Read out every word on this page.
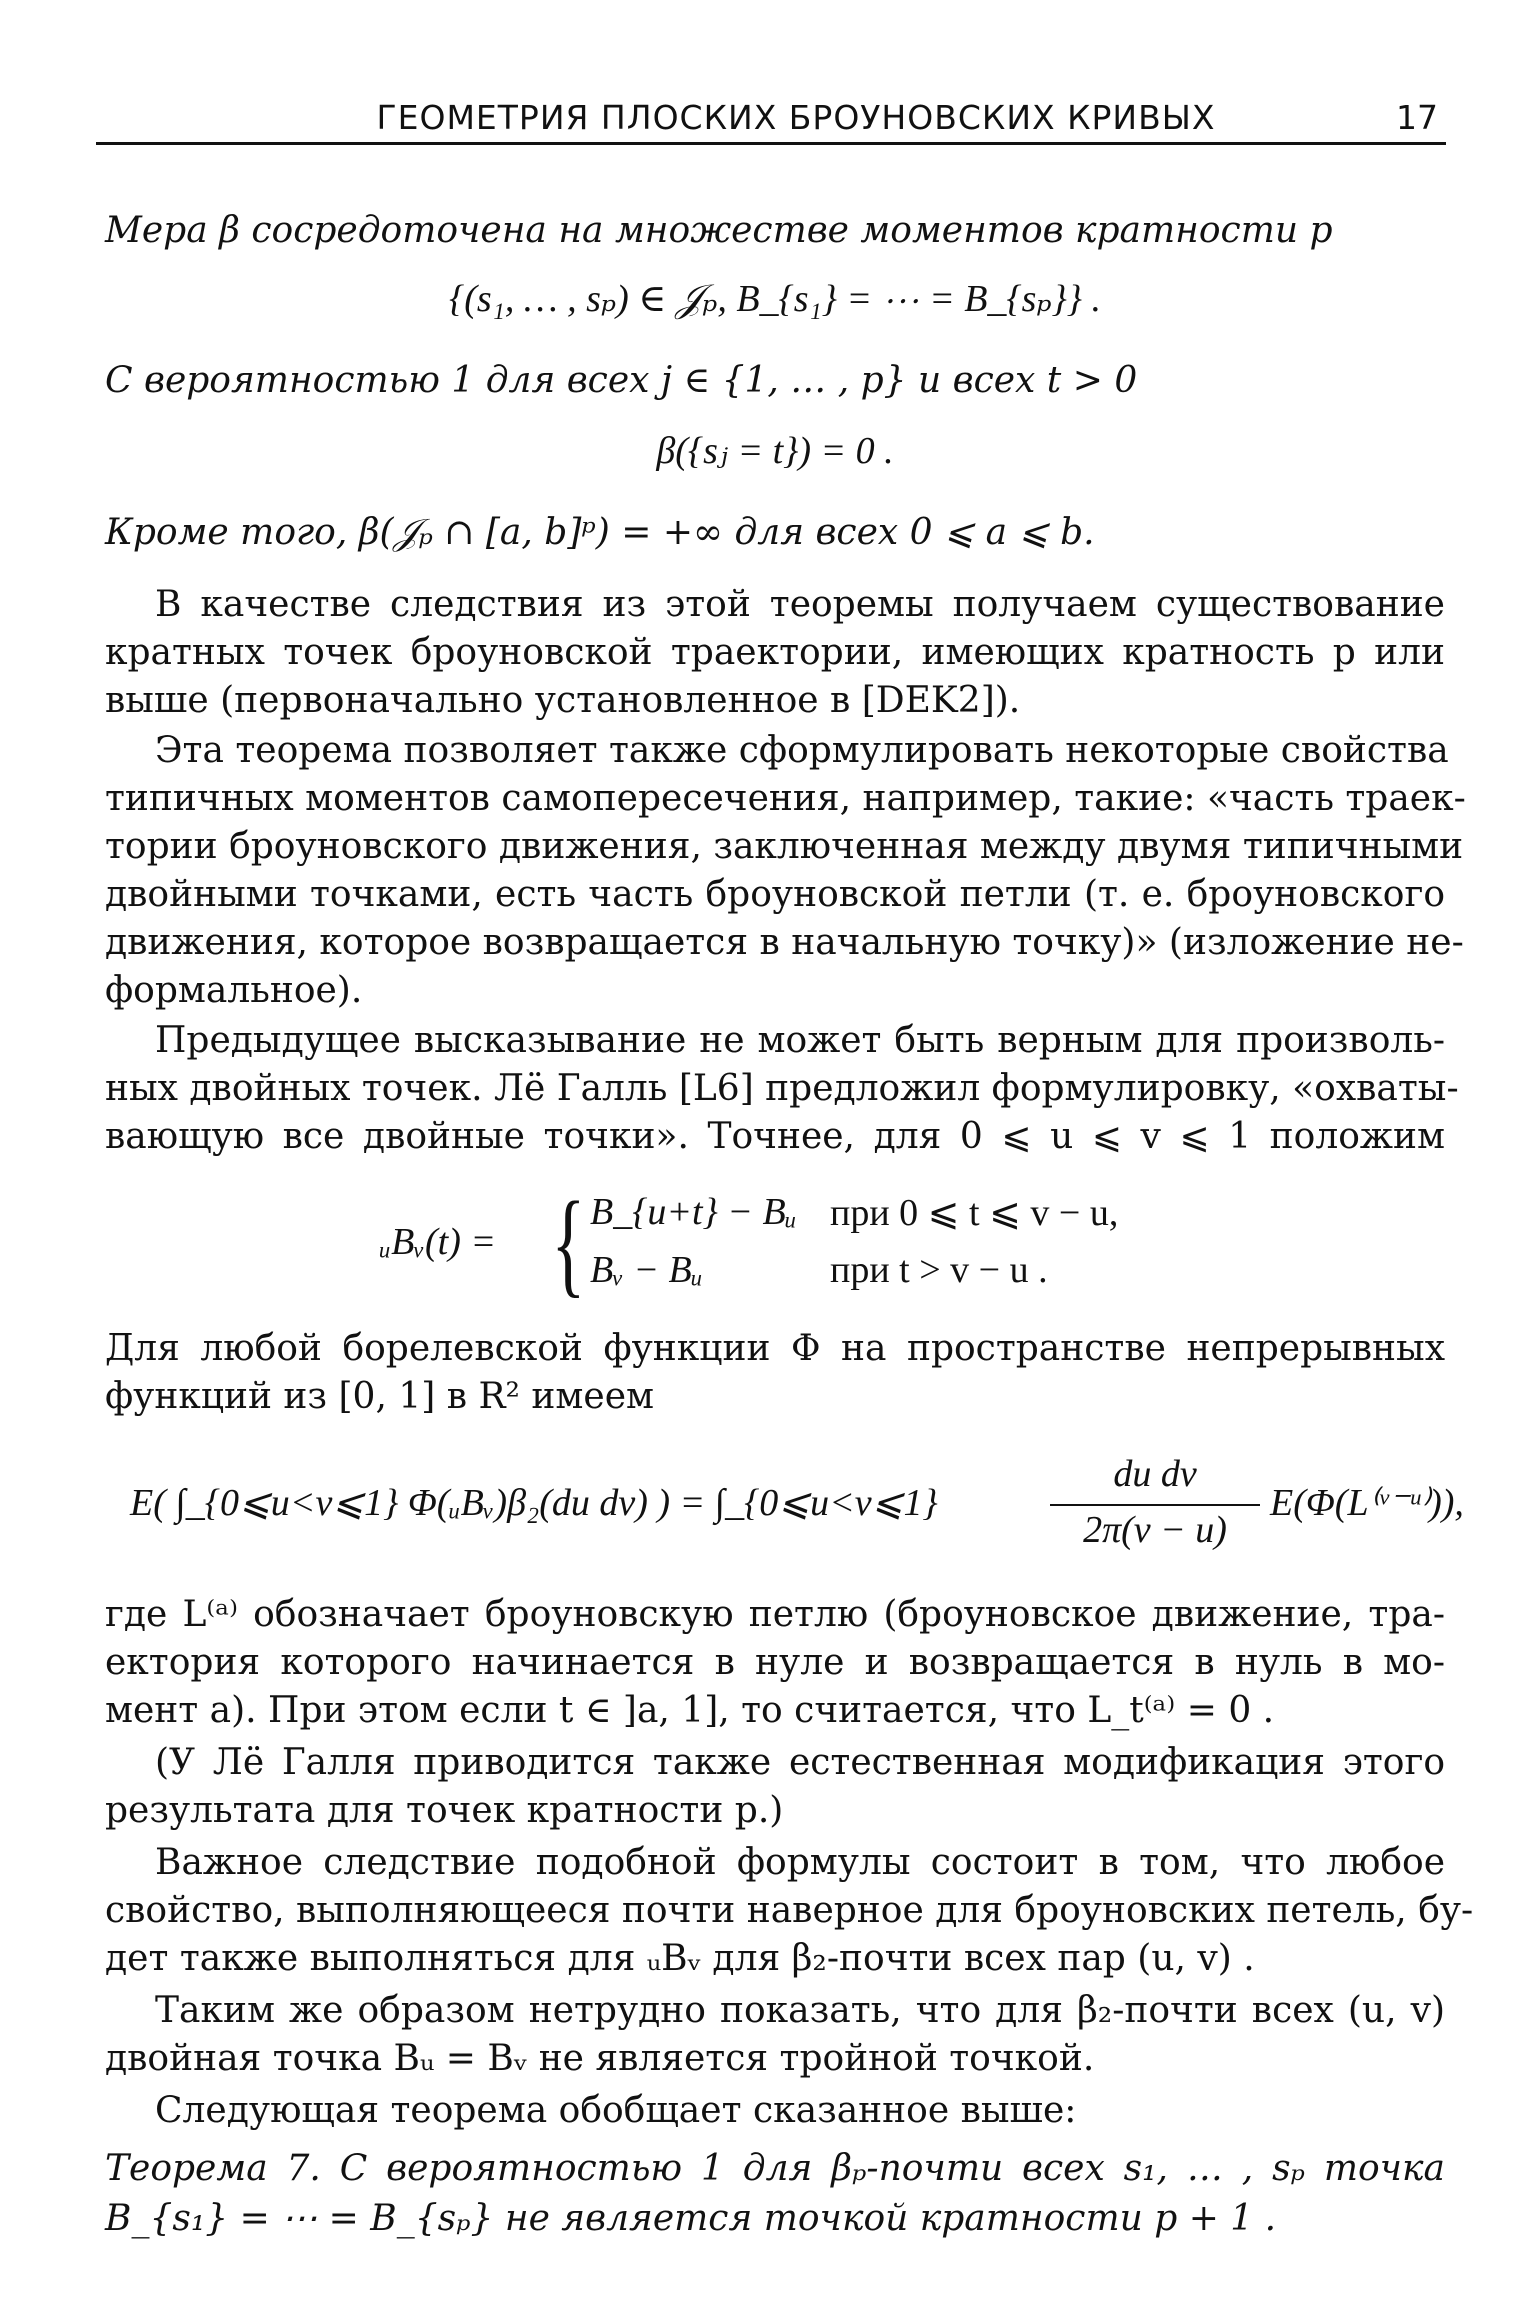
ГЕОМЕТРИЯ ПЛОСКИХ БРОУНОВСКИХ КРИВЫХ	17
Мера β сосредоточена на множестве моментов кратности p
{(s₁, … , sₚ) ∈ 𝒥ₚ, B_{s₁} = ⋯ = B_{sₚ}} .
С вероятностью 1 для всех j ∈ {1, … , p} и всех t > 0
β({sⱼ = t}) = 0 .
Кроме того, β(𝒥ₚ ∩ [a, b]ᵖ) = +∞ для всех 0 ⩽ a ⩽ b.
В качестве следствия из этой теоремы получаем существование
кратных точек броуновской траектории, имеющих кратность p или
выше (первоначально установленное в [DEK2]).
Эта теорема позволяет также сформулировать некоторые свойства
типичных моментов самопересечения, например, такие: «часть траек-
тории броуновского движения, заключенная между двумя типичными
двойными точками, есть часть броуновской петли (т. е. броуновского
движения, которое возвращается в начальную точку)» (изложение не-
формальное).
Предыдущее высказывание не может быть верным для произволь-
ных двойных точек. Лё Галль [L6] предложил формулировку, «охваты-
вающую все двойные точки». Точнее, для 0 ⩽ u ⩽ v ⩽ 1 положим
ᵤBᵥ(t) = { B_{u+t} − Bᵤ при 0 ⩽ t ⩽ v − u,
Bᵥ − Bᵤ	при t > v − u .
Для любой борелевской функции Φ на пространстве непрерывных
функций из [0, 1] в R² имеем
E( ∫_{0⩽u<v⩽1} Φ(ᵤBᵥ)β₂(du dv) ) = ∫_{0⩽u<v⩽1}
du dv
2π(v − u)
E(Φ(L⁽ᵛ⁻ᵘ⁾)),
где L⁽ᵃ⁾ обозначает броуновскую петлю (броуновское движение, тра-
ектория которого начинается в нуле и возвращается в нуль в мо-
мент a). При этом если t ∈ ]a, 1], то считается, что L_t⁽ᵃ⁾ = 0 .
(У Лё Галля приводится также естественная модификация этого
результата для точек кратности p.)
Важное следствие подобной формулы состоит в том, что любое
свойство, выполняющееся почти наверное для броуновских петель, бу-
дет также выполняться для ᵤBᵥ для β₂-почти всех пар (u, v) .
Таким же образом нетрудно показать, что для β₂-почти всех (u, v)
двойная точка Bᵤ = Bᵥ не является тройной точкой.
Следующая теорема обобщает сказанное выше:
Теорема 7. С вероятностью 1 для βₚ-почти всех s₁, … , sₚ точка
B_{s₁} = ⋯ = B_{sₚ} не является точкой кратности p + 1 .
